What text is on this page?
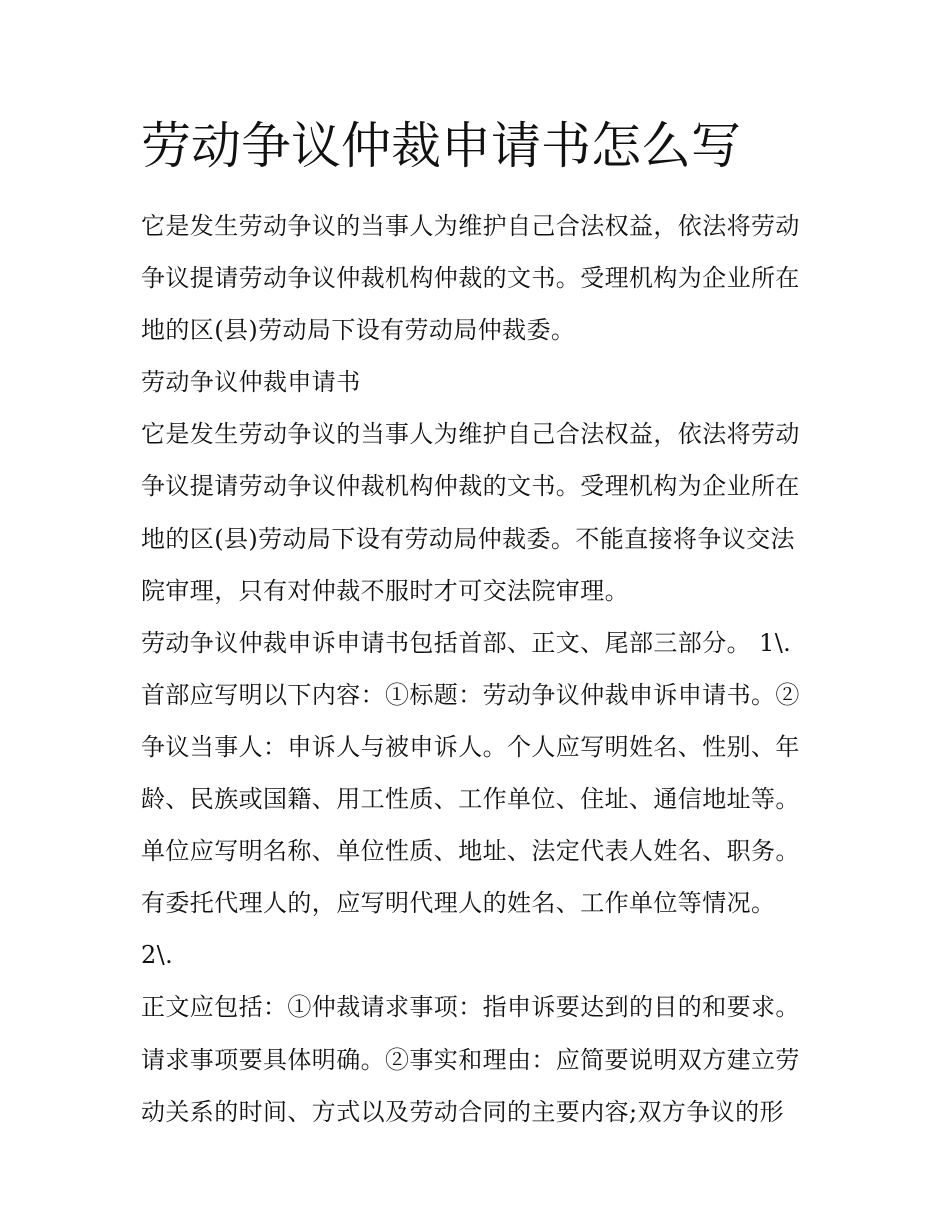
劳动争议仲裁申请书怎么写
它是发生劳动争议的当事人为维护自己合法权益，依法将劳动
争议提请劳动争议仲裁机构仲裁的文书。受理机构为企业所在
地的区(县)劳动局下设有劳动局仲裁委。
劳动争议仲裁申请书
它是发生劳动争议的当事人为维护自己合法权益，依法将劳动
争议提请劳动争议仲裁机构仲裁的文书。受理机构为企业所在
地的区(县)劳动局下设有劳动局仲裁委。不能直接将争议交法
院审理，只有对仲裁不服时才可交法院审理。
劳动争议仲裁申诉申请书包括首部、正文、尾部三部分。 1\.
首部应写明以下内容：①标题：劳动争议仲裁申诉申请书。②
争议当事人：申诉人与被申诉人。个人应写明姓名、性别、年
龄、民族或国籍、用工性质、工作单位、住址、通信地址等。
单位应写明名称、单位性质、地址、法定代表人姓名、职务。
有委托代理人的，应写明代理人的姓名、工作单位等情况。
2\.
正文应包括：①仲裁请求事项：指申诉要达到的目的和要求。
请求事项要具体明确。②事实和理由：应简要说明双方建立劳
动关系的时间、方式以及劳动合同的主要内容;双方争议的形
